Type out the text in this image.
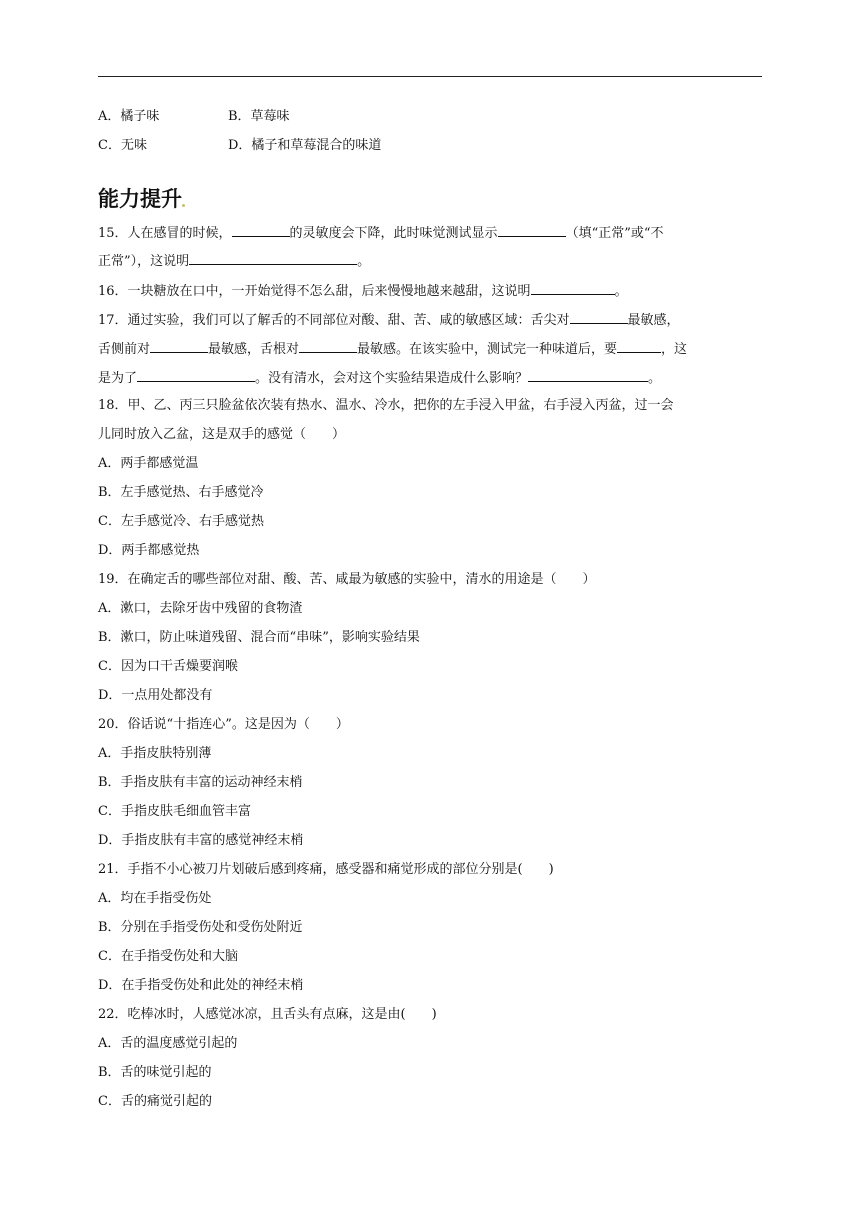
A．橘子味	B．草莓味
C．无味	D．橘子和草莓混合的味道
能力提升
15．人在感冒的时候，	的灵敏度会下降，此时味觉测试显示	（填“正常”或“不
正常”），这说明	。
16．一块糖放在口中，一开始觉得不怎么甜，后来慢慢地越来越甜，这说明	。
17．通过实验，我们可以了解舌的不同部位对酸、甜、苦、咸的敏感区域：舌尖对	最敏感，
舌侧前对	最敏感，舌根对	最敏感。在该实验中，测试完一种味道后，要	，这
是为了	。没有清水，会对这个实验结果造成什么影响？	。
18．甲、乙、丙三只脸盆依次装有热水、温水、冷水，把你的左手浸入甲盆，右手浸入丙盆，过一会
儿同时放入乙盆，这是双手的感觉（　　）
A．两手都感觉温
B．左手感觉热、右手感觉冷
C．左手感觉冷、右手感觉热
D．两手都感觉热
19．在确定舌的哪些部位对甜、酸、苦、咸最为敏感的实验中，清水的用途是（　　）
A．漱口，去除牙齿中残留的食物渣
B．漱口，防止味道残留、混合而“串味”，影响实验结果
C．因为口干舌燥要润喉
D．一点用处都没有
20．俗话说“十指连心”。这是因为（　　）
A．手指皮肤特别薄
B．手指皮肤有丰富的运动神经末梢
C．手指皮肤毛细血管丰富
D．手指皮肤有丰富的感觉神经末梢
21．手指不小心被刀片划破后感到疼痛，感受器和痛觉形成的部位分别是(　　)
A．均在手指受伤处
B．分别在手指受伤处和受伤处附近
C．在手指受伤处和大脑
D．在手指受伤处和此处的神经末梢
22．吃棒冰时，人感觉冰凉，且舌头有点麻，这是由(　　)
A．舌的温度感觉引起的
B．舌的味觉引起的
C．舌的痛觉引起的
